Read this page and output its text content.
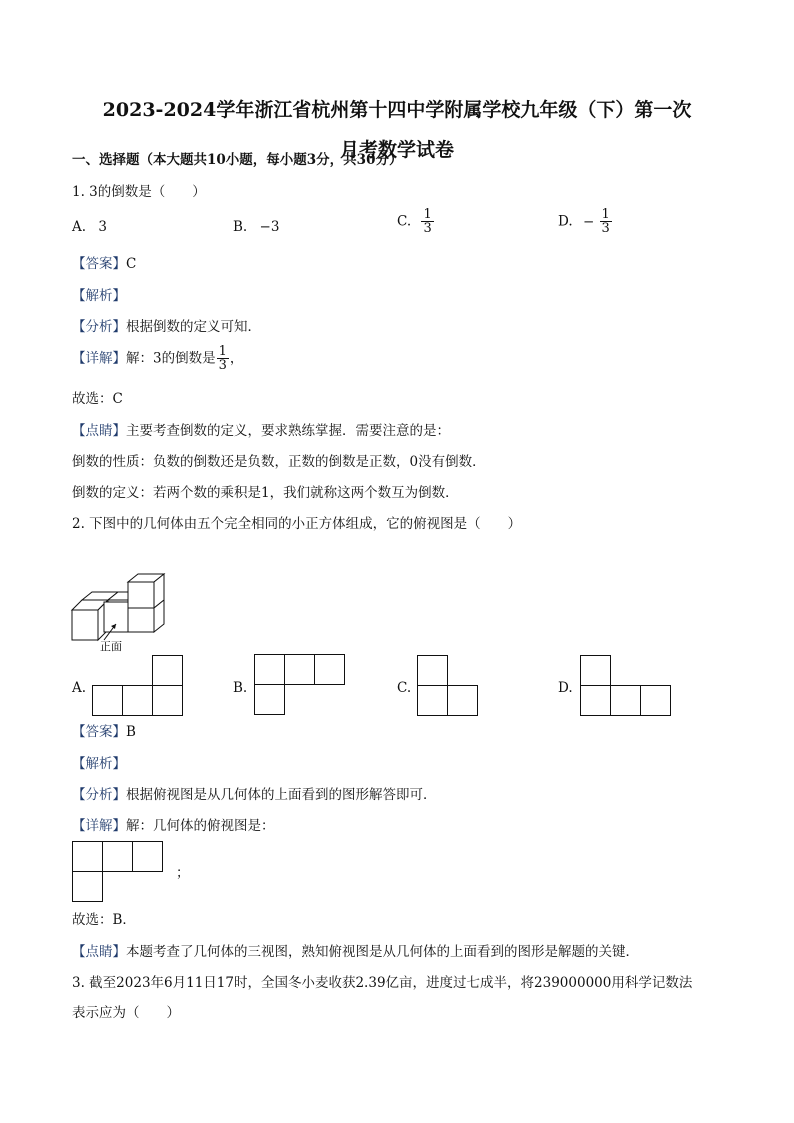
2023-2024学年浙江省杭州第十四中学附属学校九年级（下）第一次
月考数学试卷
一、选择题（本大题共10小题，每小题3分，共30分）
1. 3的倒数是（　　）
A. 3	B. −3	C. $\frac{1}{3}$	D. − $\frac{1}{3}$
【答案】C
【解析】
【分析】根据倒数的定义可知．
【详解】解：3的倒数是 $\frac{1}{3}$ ，
故选：C
【点睛】主要考查倒数的定义，要求熟练掌握．需要注意的是：
倒数的性质：负数的倒数还是负数，正数的倒数是正数，0没有倒数．
倒数的定义：若两个数的乘积是1，我们就称这两个数互为倒数．
2. 下图中的几何体由五个完全相同的小正方体组成，它的俯视图是（　　）
正面
A.	B.	C.	D.
【答案】B
【解析】
【分析】根据俯视图是从几何体的上面看到的图形解答即可．
【详解】解：几何体的俯视图是：
；
故选：B．
【点睛】本题考查了几何体的三视图，熟知俯视图是从几何体的上面看到的图形是解题的关键．
3. 截至2023年6月11日17时，全国冬小麦收获2.39亿亩，进度过七成半，将239000000用科学记数法
表示应为（　　）
